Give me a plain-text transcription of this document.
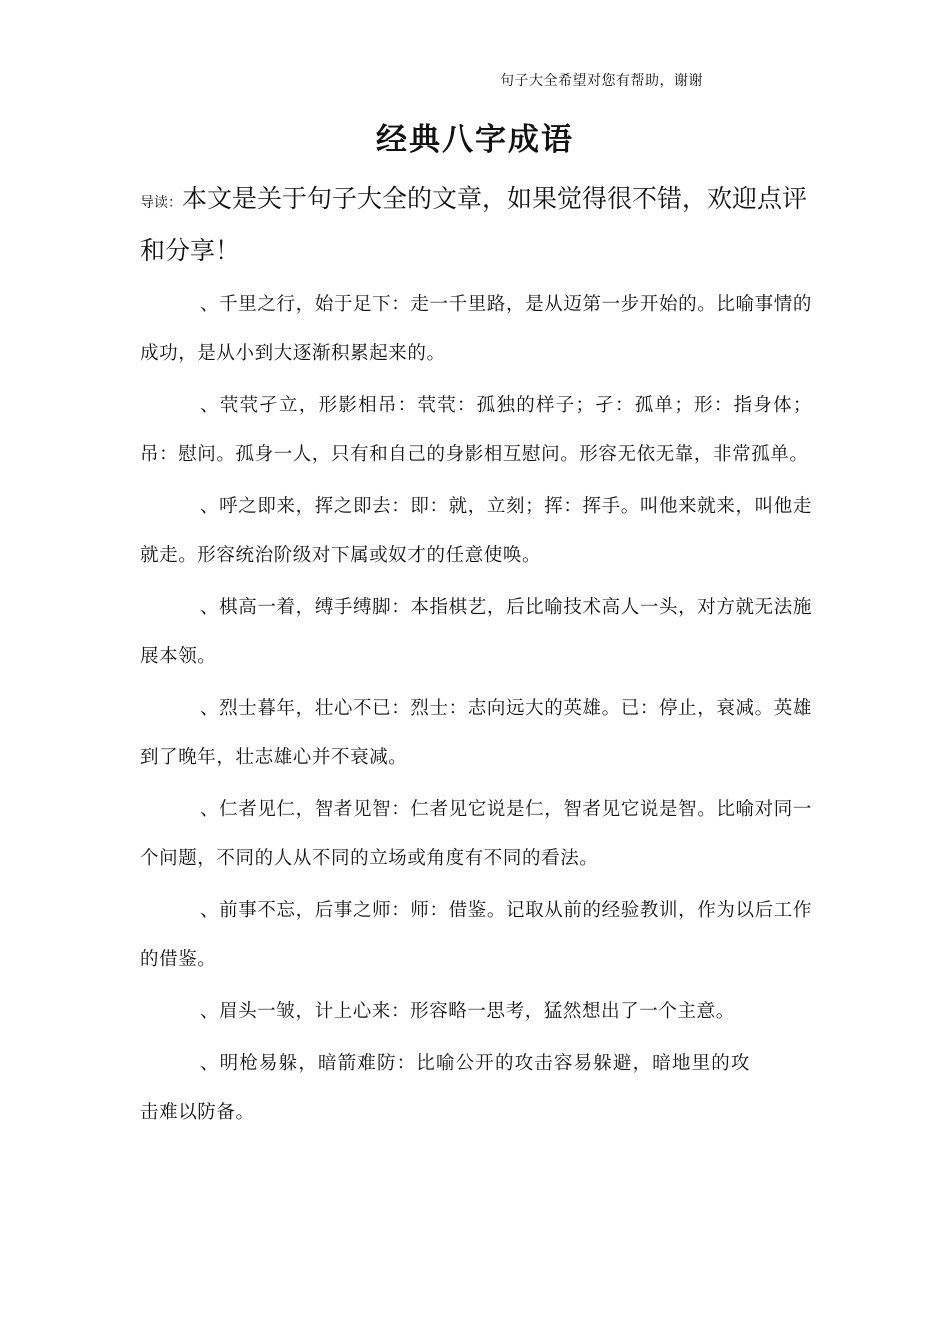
句子大全希望对您有帮助，谢谢
经典八字成语
导读：本文是关于句子大全的文章，如果觉得很不错，欢迎点评和分享！
、千里之行，始于足下：走一千里路，是从迈第一步开始的。比喻事情的成功，是从小到大逐渐积累起来的。
、茕茕孑立，形影相吊：茕茕：孤独的样子；孑：孤单；形：指身体；吊：慰问。孤身一人，只有和自己的身影相互慰问。形容无依无靠，非常孤单。
、呼之即来，挥之即去：即：就，立刻；挥：挥手。叫他来就来，叫他走就走。形容统治阶级对下属或奴才的任意使唤。
、棋高一着，缚手缚脚：本指棋艺，后比喻技术高人一头，对方就无法施展本领。
、烈士暮年，壮心不已：烈士：志向远大的英雄。已：停止，衰减。英雄到了晚年，壮志雄心并不衰减。
、仁者见仁，智者见智：仁者见它说是仁，智者见它说是智。比喻对同一个问题，不同的人从不同的立场或角度有不同的看法。
、前事不忘，后事之师：师：借鉴。记取从前的经验教训，作为以后工作的借鉴。
、眉头一皱，计上心来：形容略一思考，猛然想出了一个主意。
、明枪易躲，暗箭难防：比喻公开的攻击容易躲避，暗地里的攻击难以防备。
